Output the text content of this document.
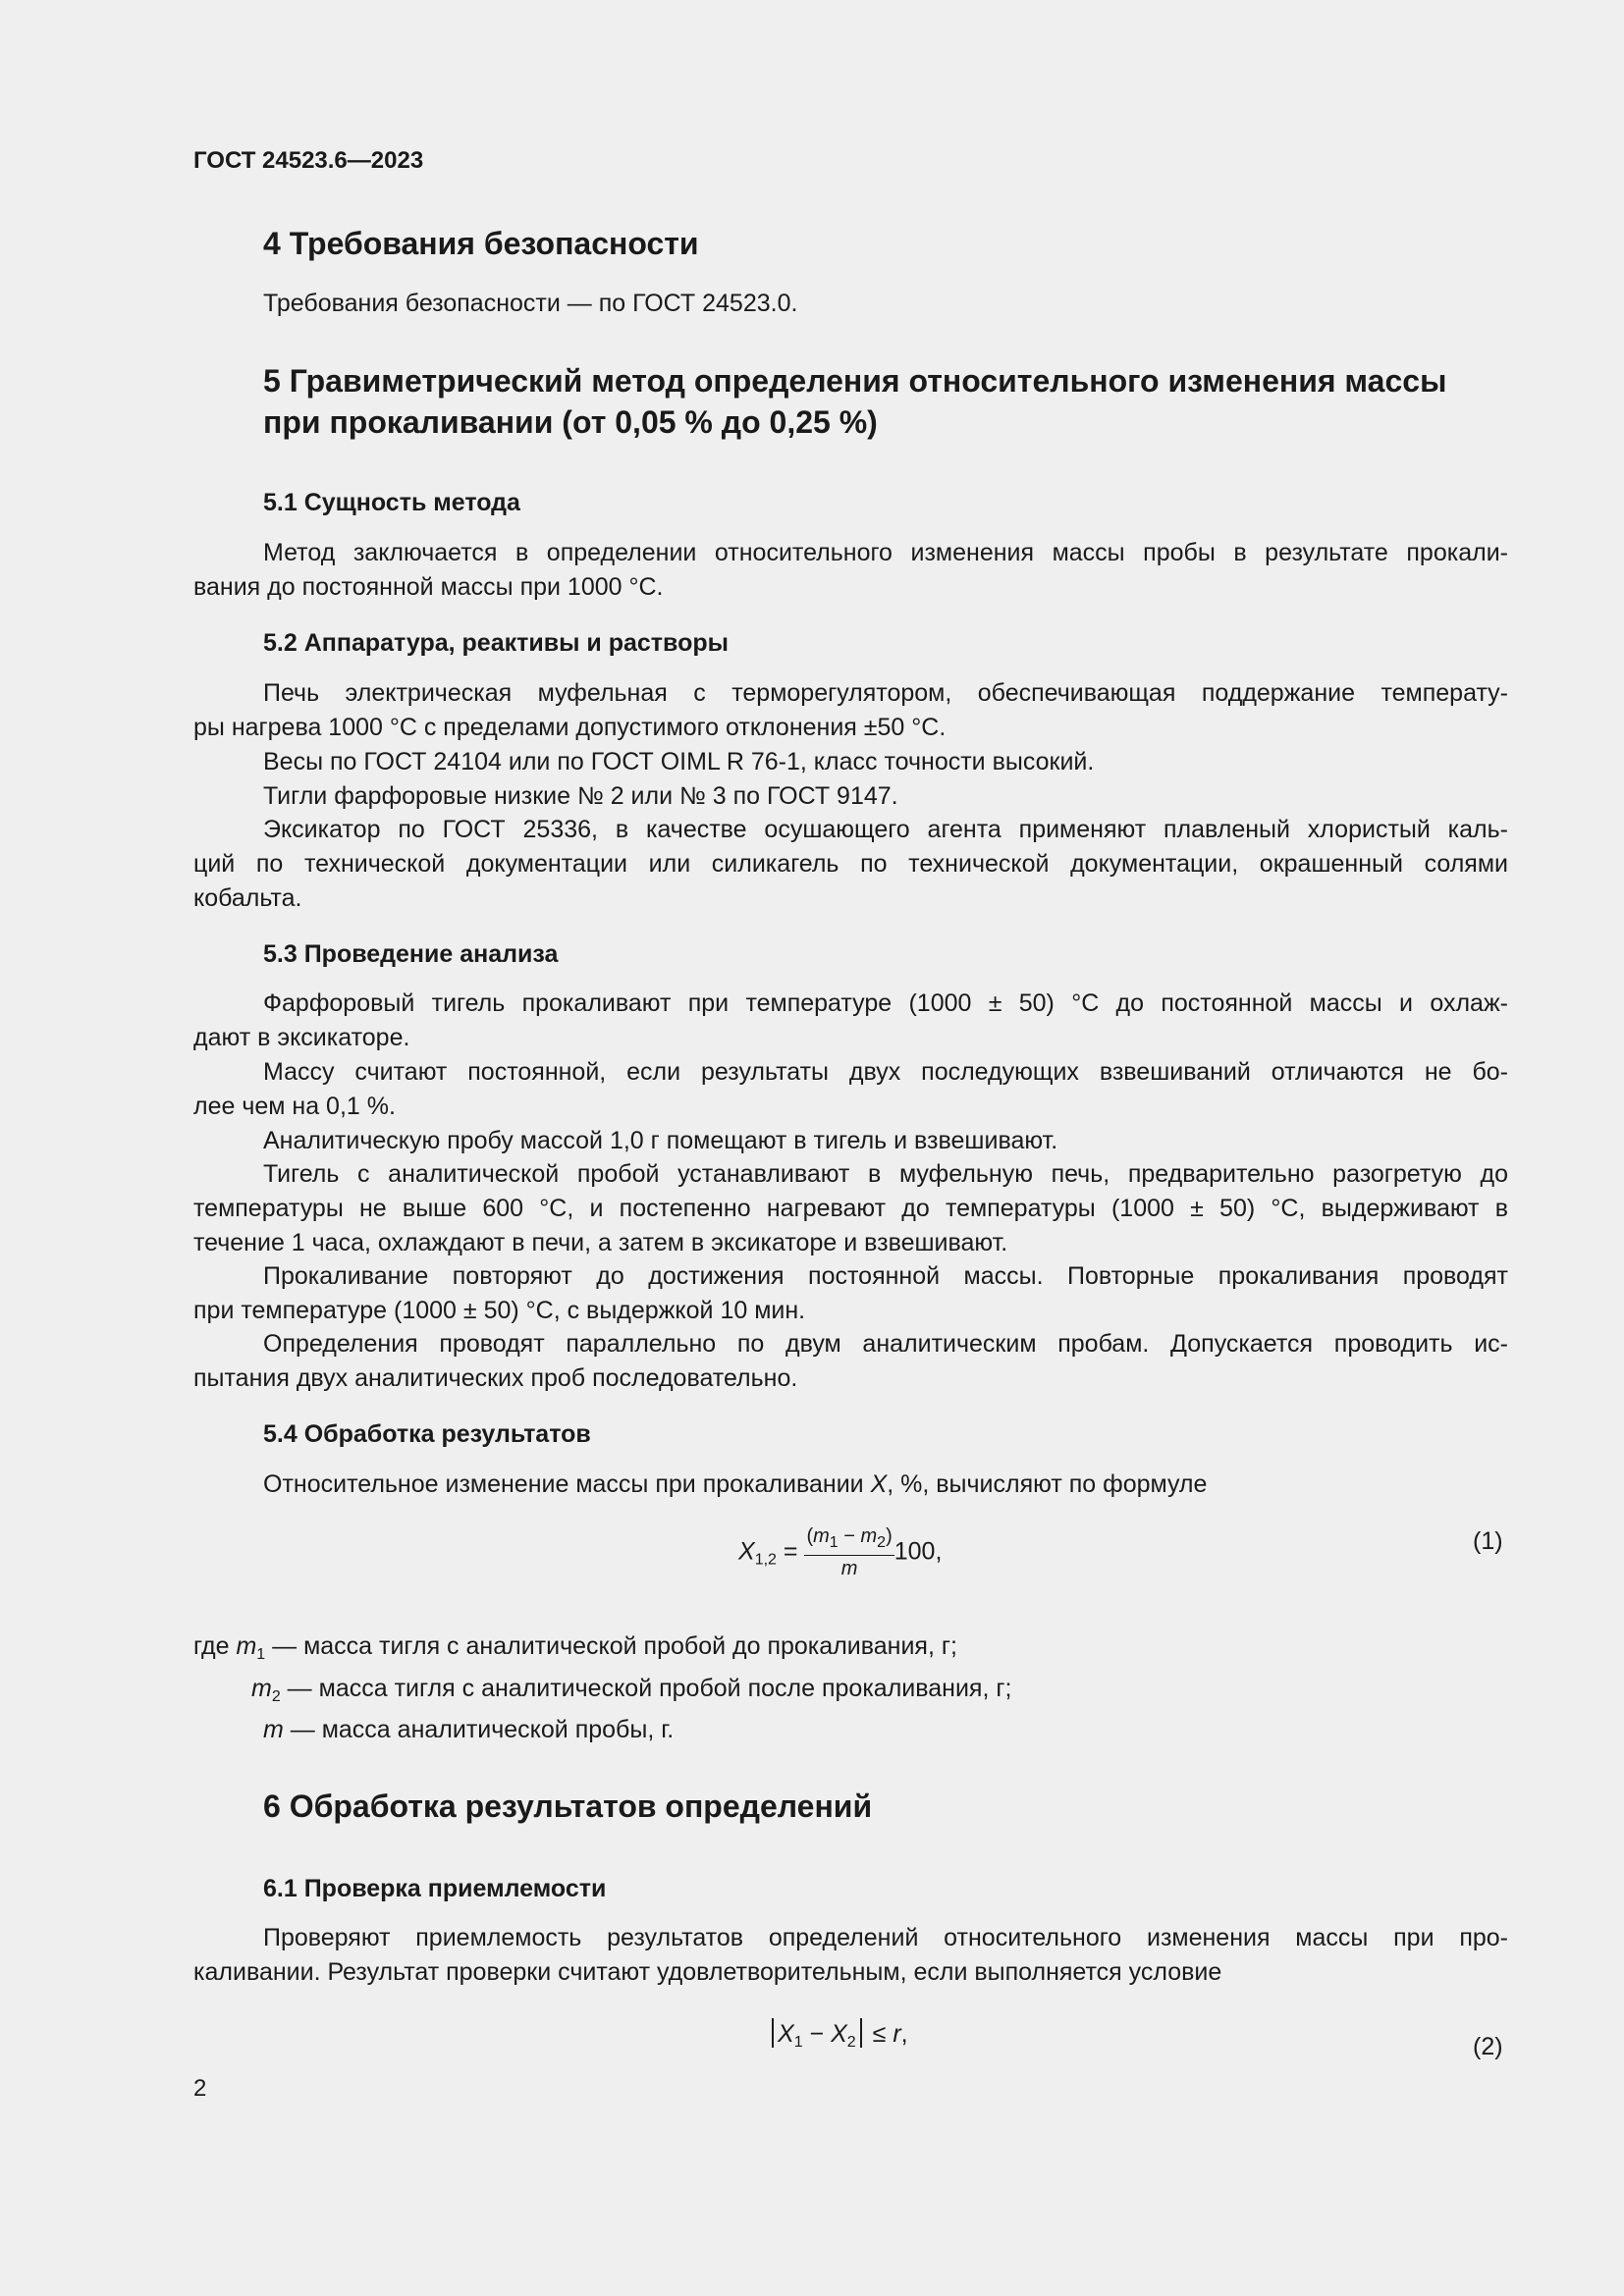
ГОСТ 24523.6—2023
4 Требования безопасности
Требования безопасности — по ГОСТ 24523.0.
5 Гравиметрический метод определения относительного изменения массы
при прокаливании (от 0,05 % до 0,25 %)
5.1 Сущность метода
Метод заключается в определении относительного изменения массы пробы в результате прокали-
вания до постоянной массы при 1000 °С.
5.2 Аппаратура, реактивы и растворы
Печь электрическая муфельная с терморегулятором, обеспечивающая поддержание температу-
ры нагрева 1000 °С с пределами допустимого отклонения ±50 °С.
Весы по ГОСТ 24104 или по ГОСТ OIML R 76-1, класс точности высокий.
Тигли фарфоровые низкие № 2 или № 3 по ГОСТ 9147.
Эксикатор по ГОСТ 25336, в качестве осушающего агента применяют плавленый хлористый каль-
ций по технической документации или силикагель по технической документации, окрашенный солями
кобальта.
5.3 Проведение анализа
Фарфоровый тигель прокаливают при температуре (1000 ± 50) °С до постоянной массы и охлаж-
дают в эксикаторе.
Массу считают постоянной, если результаты двух последующих взвешиваний отличаются не бо-
лее чем на 0,1 %.
Аналитическую пробу массой 1,0 г помещают в тигель и взвешивают.
Тигель с аналитической пробой устанавливают в муфельную печь, предварительно разогретую до
температуры не выше 600 °С, и постепенно нагревают до температуры (1000 ± 50) °С, выдерживают в
течение 1 часа, охлаждают в печи, а затем в эксикаторе и взвешивают.
Прокаливание повторяют до достижения постоянной массы. Повторные прокаливания проводят
при температуре (1000 ± 50) °С, с выдержкой 10 мин.
Определения проводят параллельно по двум аналитическим пробам. Допускается проводить ис-
пытания двух аналитических проб последовательно.
5.4 Обработка результатов
Относительное изменение массы при прокаливании X, %, вычисляют по формуле
$X_{1,2} = \frac{(m_1 - m_2)}{m} 100$,	(1)
где $m_1$ — масса тигля с аналитической пробой до прокаливания, г;
$m_2$ — масса тигля с аналитической пробой после прокаливания, г;
m — масса аналитической пробы, г.
6 Обработка результатов определений
6.1 Проверка приемлемости
Проверяют приемлемость результатов определений относительного изменения массы при про-
каливании. Результат проверки считают удовлетворительным, если выполняется условие
$X_1 - X_2 \le r$,	(2)
2
